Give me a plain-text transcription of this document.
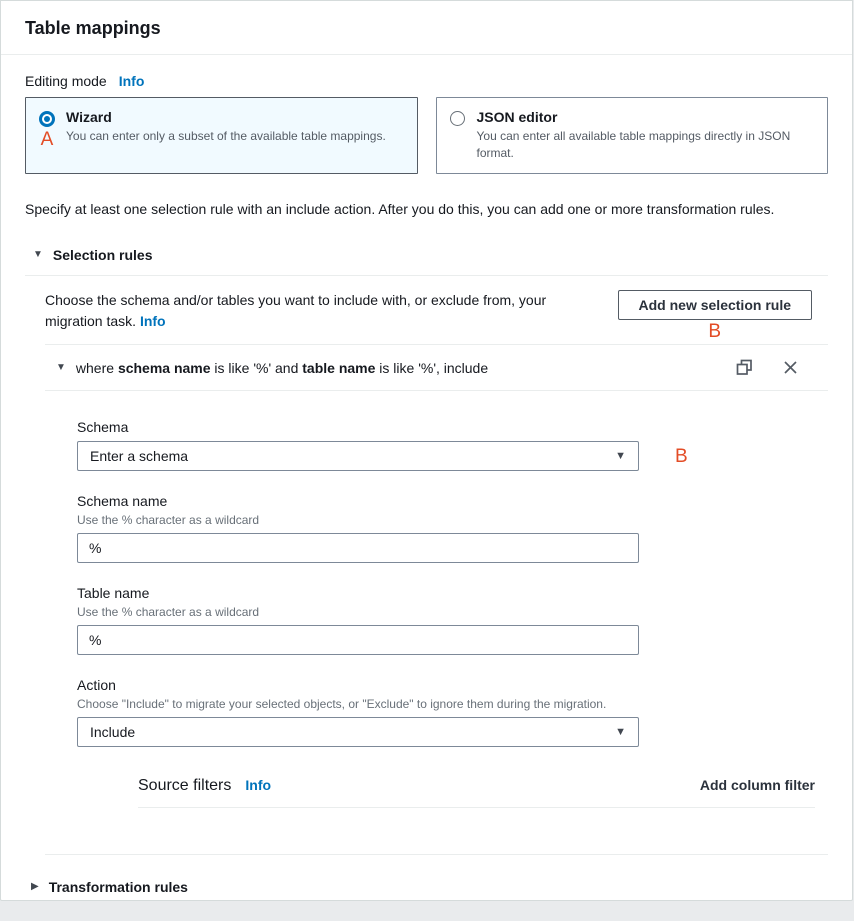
Table mappings
Editing mode Info
A
Wizard
You can enter only a subset of the available table mappings.
JSON editor
You can enter all available table mappings directly in JSON format.

Specify at least one selection rule with an include action. After you do this, you can add one or more transformation rules.

▼ Selection rules
Choose the schema and/or tables you want to include with, or exclude from, your migration task. Info
Add new selection rule
B
▼ where schema name is like '%' and table name is like '%', include
Schema
Enter a schema	▼	B
Schema name
Use the % character as a wildcard
%
Table name
Use the % character as a wildcard
%
Action
Choose "Include" to migrate your selected objects, or "Exclude" to ignore them during the migration.
Include	▼
Source filters Info	Add column filter
▶ Transformation rules
